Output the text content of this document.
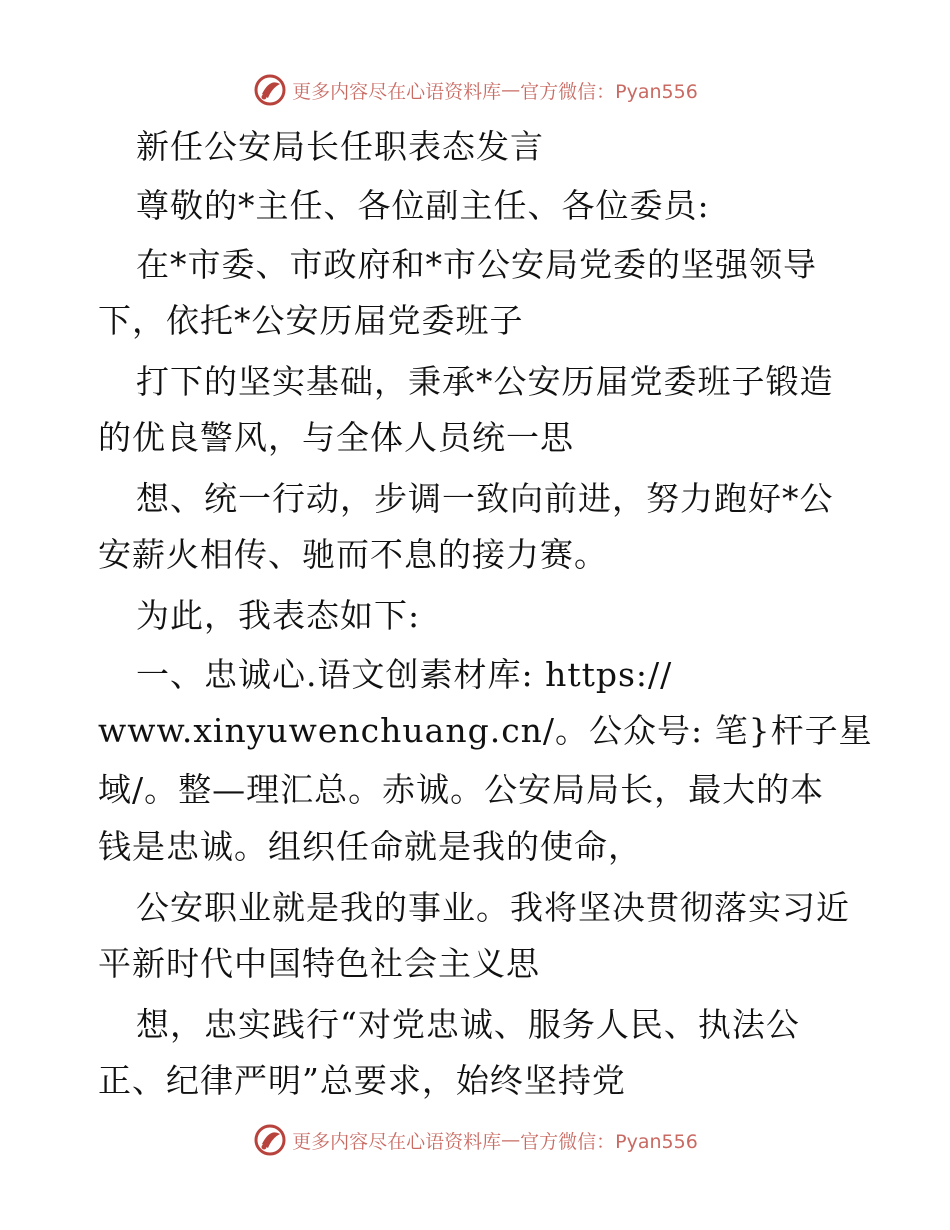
更多内容尽在心语资料库 — 官方微信：Pyan556
新任公安局长任职表态发言
尊敬的*主任、各位副主任、各位委员:
在*市委、市政府和*市公安局党委的坚强领导
下，依托*公安历届党委班子
打下的坚实基础，秉承*公安历届党委班子锻造
的优良警风，与全体人员统一思
想、统一行动，步调一致向前进，努力跑好*公
安薪火相传、驰而不息的接力赛。
为此，我表态如下:
一、忠诚心.语文创素材库: https://
www.xinyuwenchuang.cn/。公众号: 笔}杆子星
域/。整—理汇总。赤诚。公安局局长，最大的本
钱是忠诚。组织任命就是我的使命，
公安职业就是我的事业。我将坚决贯彻落实习近
平新时代中国特色社会主义思
想，忠实践行“对党忠诚、服务人民、执法公
正、纪律严明”总要求，始终坚持党
更多内容尽在心语资料库 — 官方微信：Pyan556
